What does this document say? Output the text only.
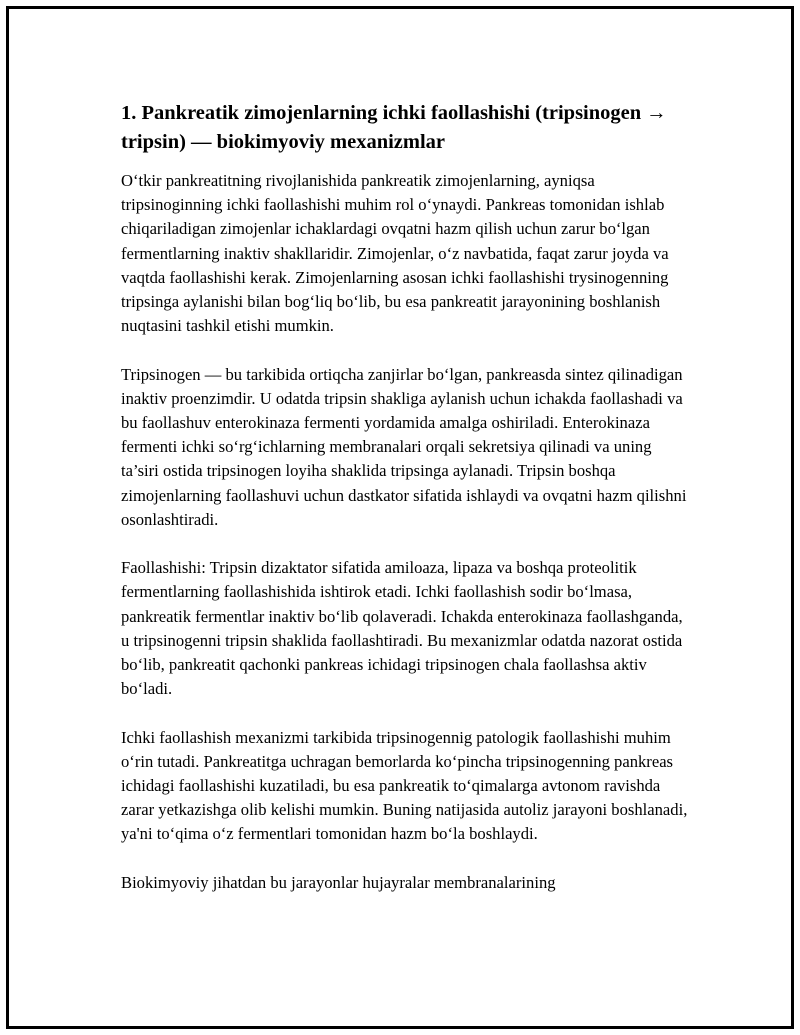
1. Pankreatik zimojenlarning ichki faollashishi (tripsinogen → tripsin) — biokimyoviy mexanizmlar

O‘tkir pankreatitning rivojlanishida pankreatik zimojenlarning, ayniqsa tripsinoginning ichki faollashishi muhim rol o‘ynaydi. Pankreas tomonidan ishlab chiqariladigan zimojenlar ichaklardagi ovqatni hazm qilish uchun zarur bo‘lgan fermentlarning inaktiv shakllaridir. Zimojenlar, o‘z navbatida, faqat zarur joyda va vaqtda faollashishi kerak. Zimojenlarning asosan ichki faollashishi trysinogenning tripsinga aylanishi bilan bog‘liq bo‘lib, bu esa pankreatit jarayonining boshlanish nuqtasini tashkil etishi mumkin.

Tripsinogen — bu tarkibida ortiqcha zanjirlar bo‘lgan, pankreasda sintez qilinadigan inaktiv proenzimdir. U odatda tripsin shakliga aylanish uchun ichakda faollashadi va bu faollashuv enterokinaza fermenti yordamida amalga oshiriladi. Enterokinaza fermenti ichki so‘rg‘ichlarning membranalari orqali sekretsiya qilinadi va uning ta’siri ostida tripsinogen loyiha shaklida tripsinga aylanadi. Tripsin boshqa zimojenlarning faollashuvi uchun dastkator sifatida ishlaydi va ovqatni hazm qilishni osonlashtiradi.

Faollashishi: Tripsin dizaktator sifatida amiloaza, lipaza va boshqa proteolitik fermentlarning faollashishida ishtirok etadi. Ichki faollashish sodir bo‘lmasa, pankreatik fermentlar inaktiv bo‘lib qolaveradi. Ichakda enterokinaza faollashganda, u tripsinogenni tripsin shaklida faollashtiradi. Bu mexanizmlar odatda nazorat ostida bo‘lib, pankreatit qachonki pankreas ichidagi tripsinogen chala faollashsa aktiv bo‘ladi.

Ichki faollashish mexanizmi tarkibida tripsinogennig patologik faollashishi muhim o‘rin tutadi. Pankreatitga uchragan bemorlarda ko‘pincha tripsinogenning pankreas ichidagi faollashishi kuzatiladi, bu esa pankreatik to‘qimalarga avtonom ravishda zarar yetkazishga olib kelishi mumkin. Buning natijasida autoliz jarayoni boshlanadi, ya'ni to‘qima o‘z fermentlari tomonidan hazm bo‘la boshlaydi.

Biokimyoviy jihatdan bu jarayonlar hujayralar membranalarining
